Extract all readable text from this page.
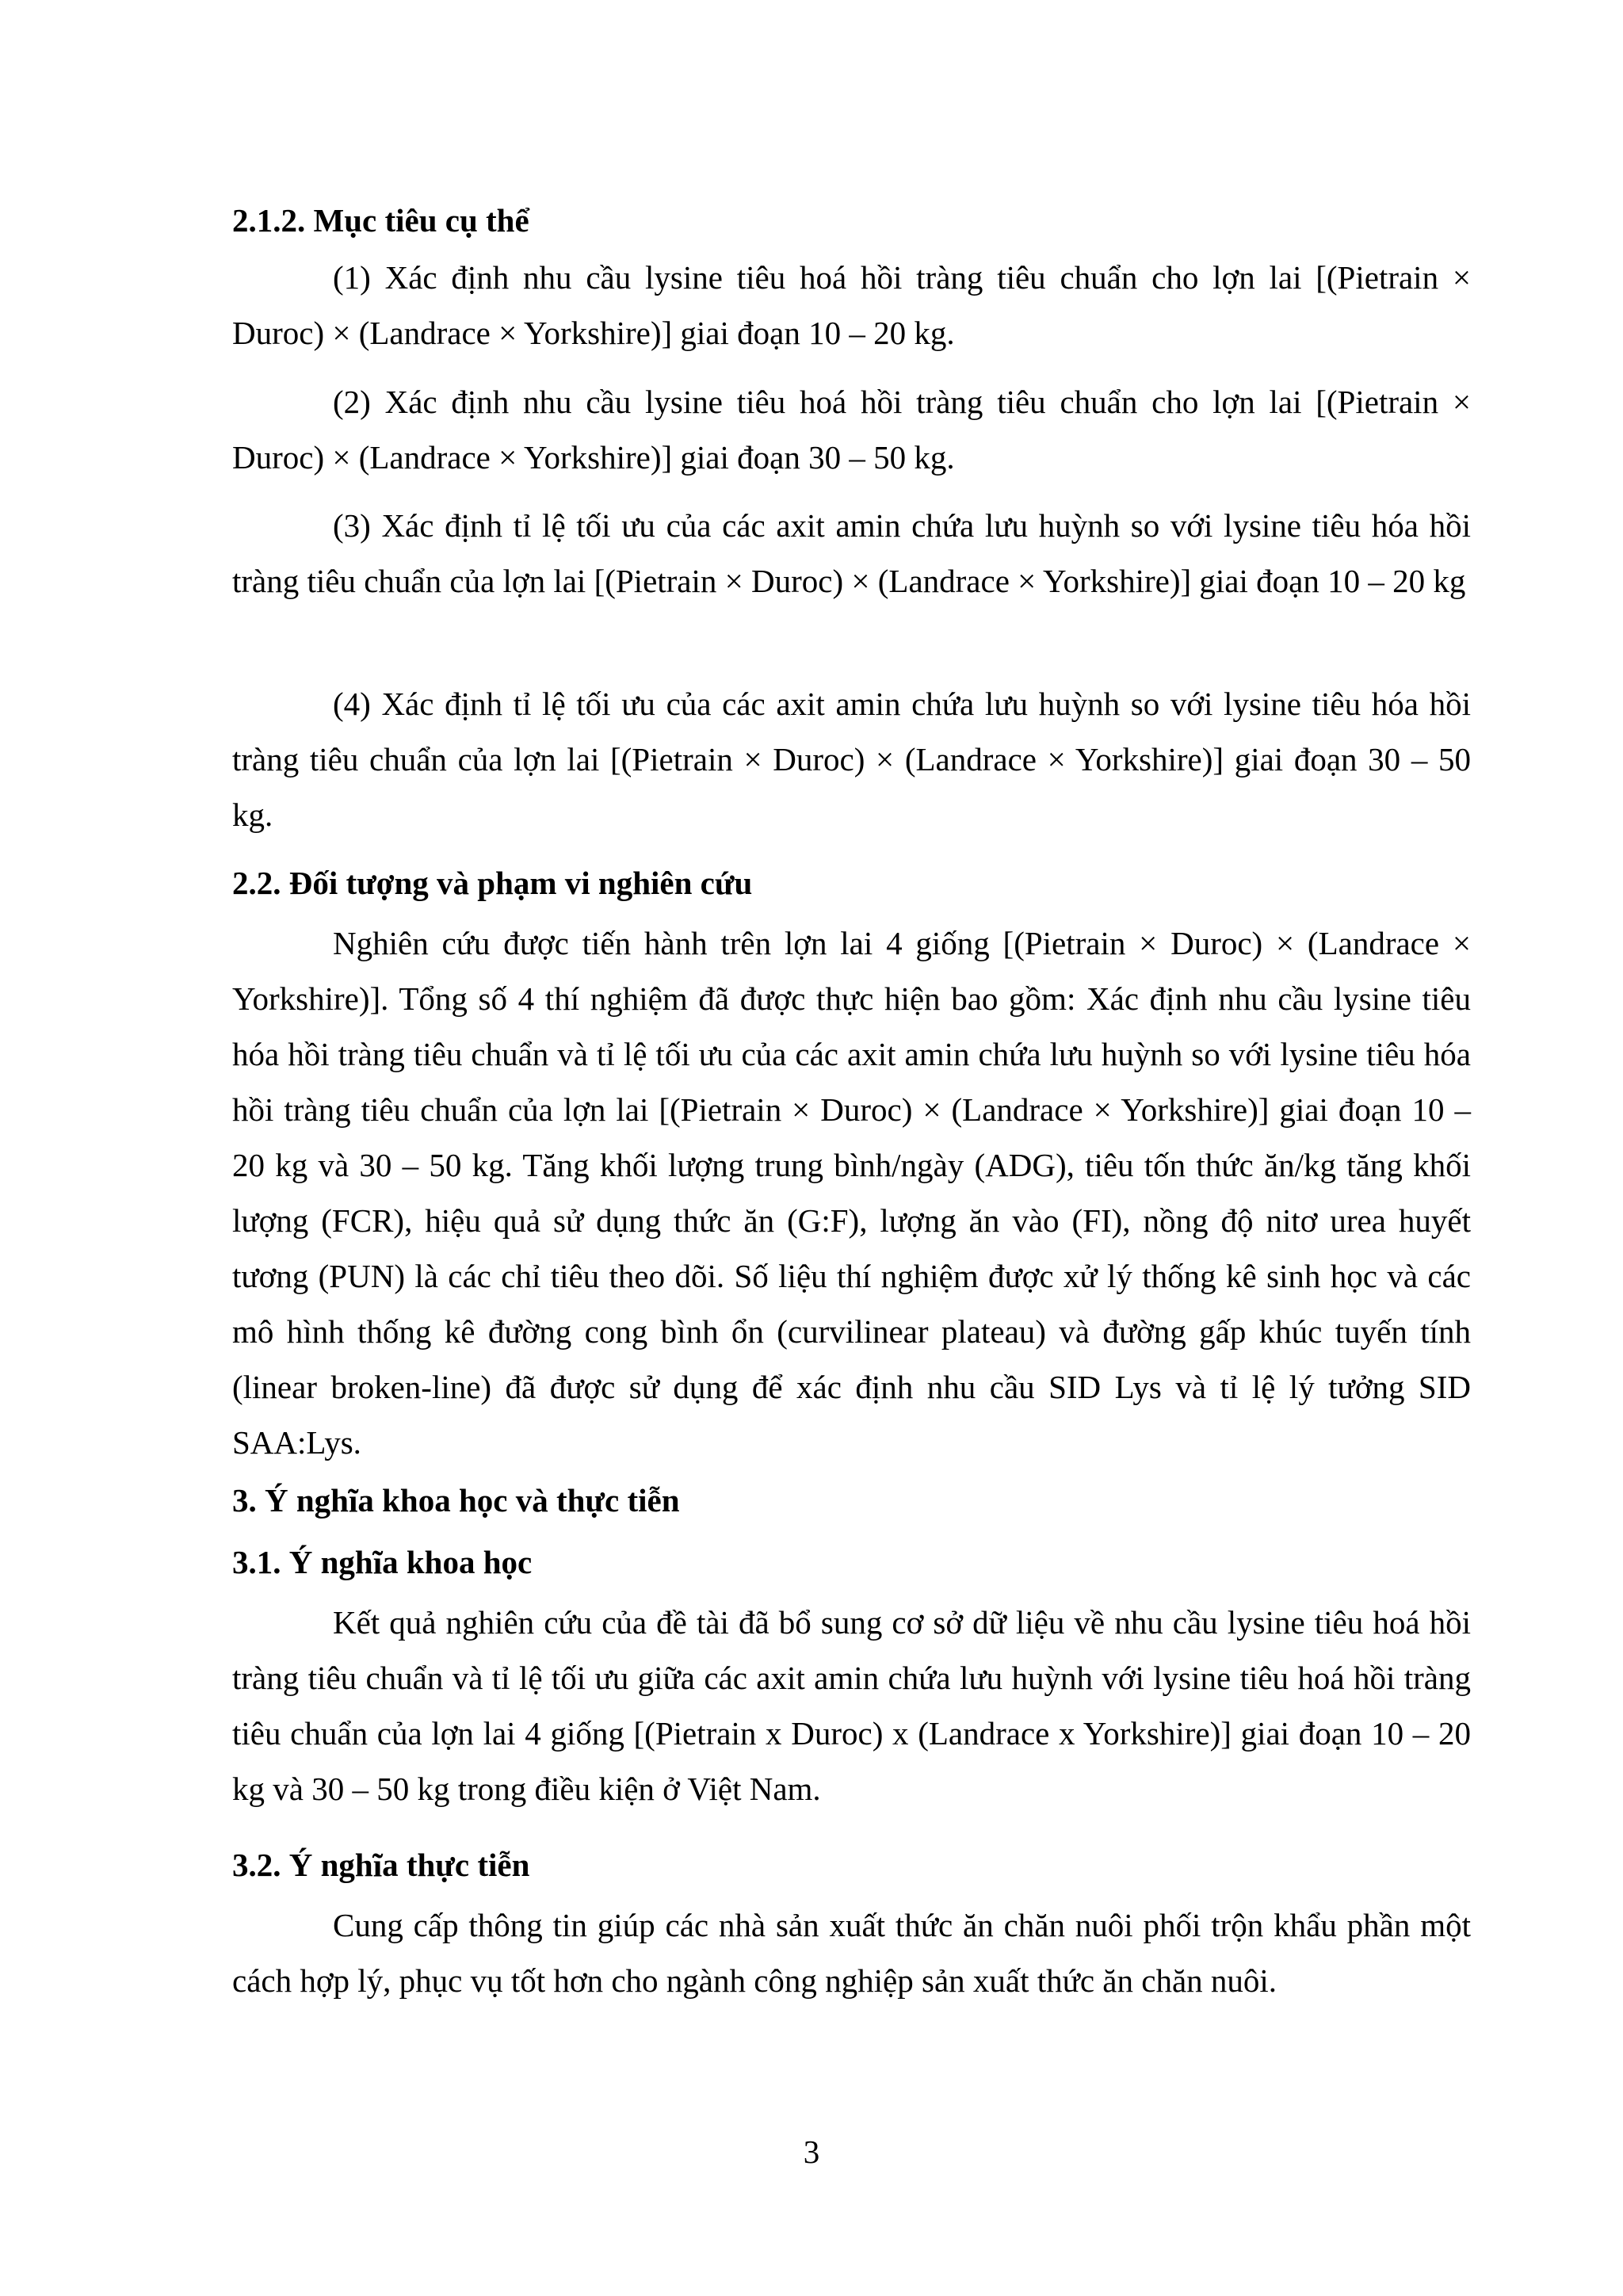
2.1.2. Mục tiêu cụ thể

(1) Xác định nhu cầu lysine tiêu hoá hồi tràng tiêu chuẩn cho lợn lai [(Pietrain × Duroc) × (Landrace × Yorkshire)] giai đoạn 10 – 20 kg.

(2) Xác định nhu cầu lysine tiêu hoá hồi tràng tiêu chuẩn cho lợn lai [(Pietrain × Duroc) × (Landrace × Yorkshire)] giai đoạn 30 – 50 kg.

(3) Xác định tỉ lệ tối ưu của các axit amin chứa lưu huỳnh so với lysine tiêu hóa hồi tràng tiêu chuẩn của lợn lai [(Pietrain × Duroc) × (Landrace × Yorkshire)] giai đoạn 10 – 20 kg

(4) Xác định tỉ lệ tối ưu của các axit amin chứa lưu huỳnh so với lysine tiêu hóa hồi tràng tiêu chuẩn của lợn lai [(Pietrain × Duroc) × (Landrace × Yorkshire)] giai đoạn 30 – 50 kg.

2.2. Đối tượng và phạm vi nghiên cứu

Nghiên cứu được tiến hành trên lợn lai 4 giống [(Pietrain × Duroc) × (Landrace × Yorkshire)]. Tổng số 4 thí nghiệm đã được thực hiện bao gồm: Xác định nhu cầu lysine tiêu hóa hồi tràng tiêu chuẩn và tỉ lệ tối ưu của các axit amin chứa lưu huỳnh so với lysine tiêu hóa hồi tràng tiêu chuẩn của lợn lai [(Pietrain × Duroc) × (Landrace × Yorkshire)] giai đoạn 10 – 20 kg và 30 – 50 kg. Tăng khối lượng trung bình/ngày (ADG), tiêu tốn thức ăn/kg tăng khối lượng (FCR), hiệu quả sử dụng thức ăn (G:F), lượng ăn vào (FI), nồng độ nitơ urea huyết tương (PUN) là các chỉ tiêu theo dõi. Số liệu thí nghiệm được xử lý thống kê sinh học và các mô hình thống kê đường cong bình ổn (curvilinear plateau) và đường gấp khúc tuyến tính (linear broken-line) đã được sử dụng để xác định nhu cầu SID Lys và tỉ lệ lý tưởng SID SAA:Lys.

3. Ý nghĩa khoa học và thực tiễn

3.1. Ý nghĩa khoa học

Kết quả nghiên cứu của đề tài đã bổ sung cơ sở dữ liệu về nhu cầu lysine tiêu hoá hồi tràng tiêu chuẩn và tỉ lệ tối ưu giữa các axit amin chứa lưu huỳnh với lysine tiêu hoá hồi tràng tiêu chuẩn của lợn lai 4 giống [(Pietrain x Duroc) x (Landrace x Yorkshire)] giai đoạn 10 – 20 kg và 30 – 50 kg trong điều kiện ở Việt Nam.

3.2. Ý nghĩa thực tiễn

Cung cấp thông tin giúp các nhà sản xuất thức ăn chăn nuôi phối trộn khẩu phần một cách hợp lý, phục vụ tốt hơn cho ngành công nghiệp sản xuất thức ăn chăn nuôi.

3
